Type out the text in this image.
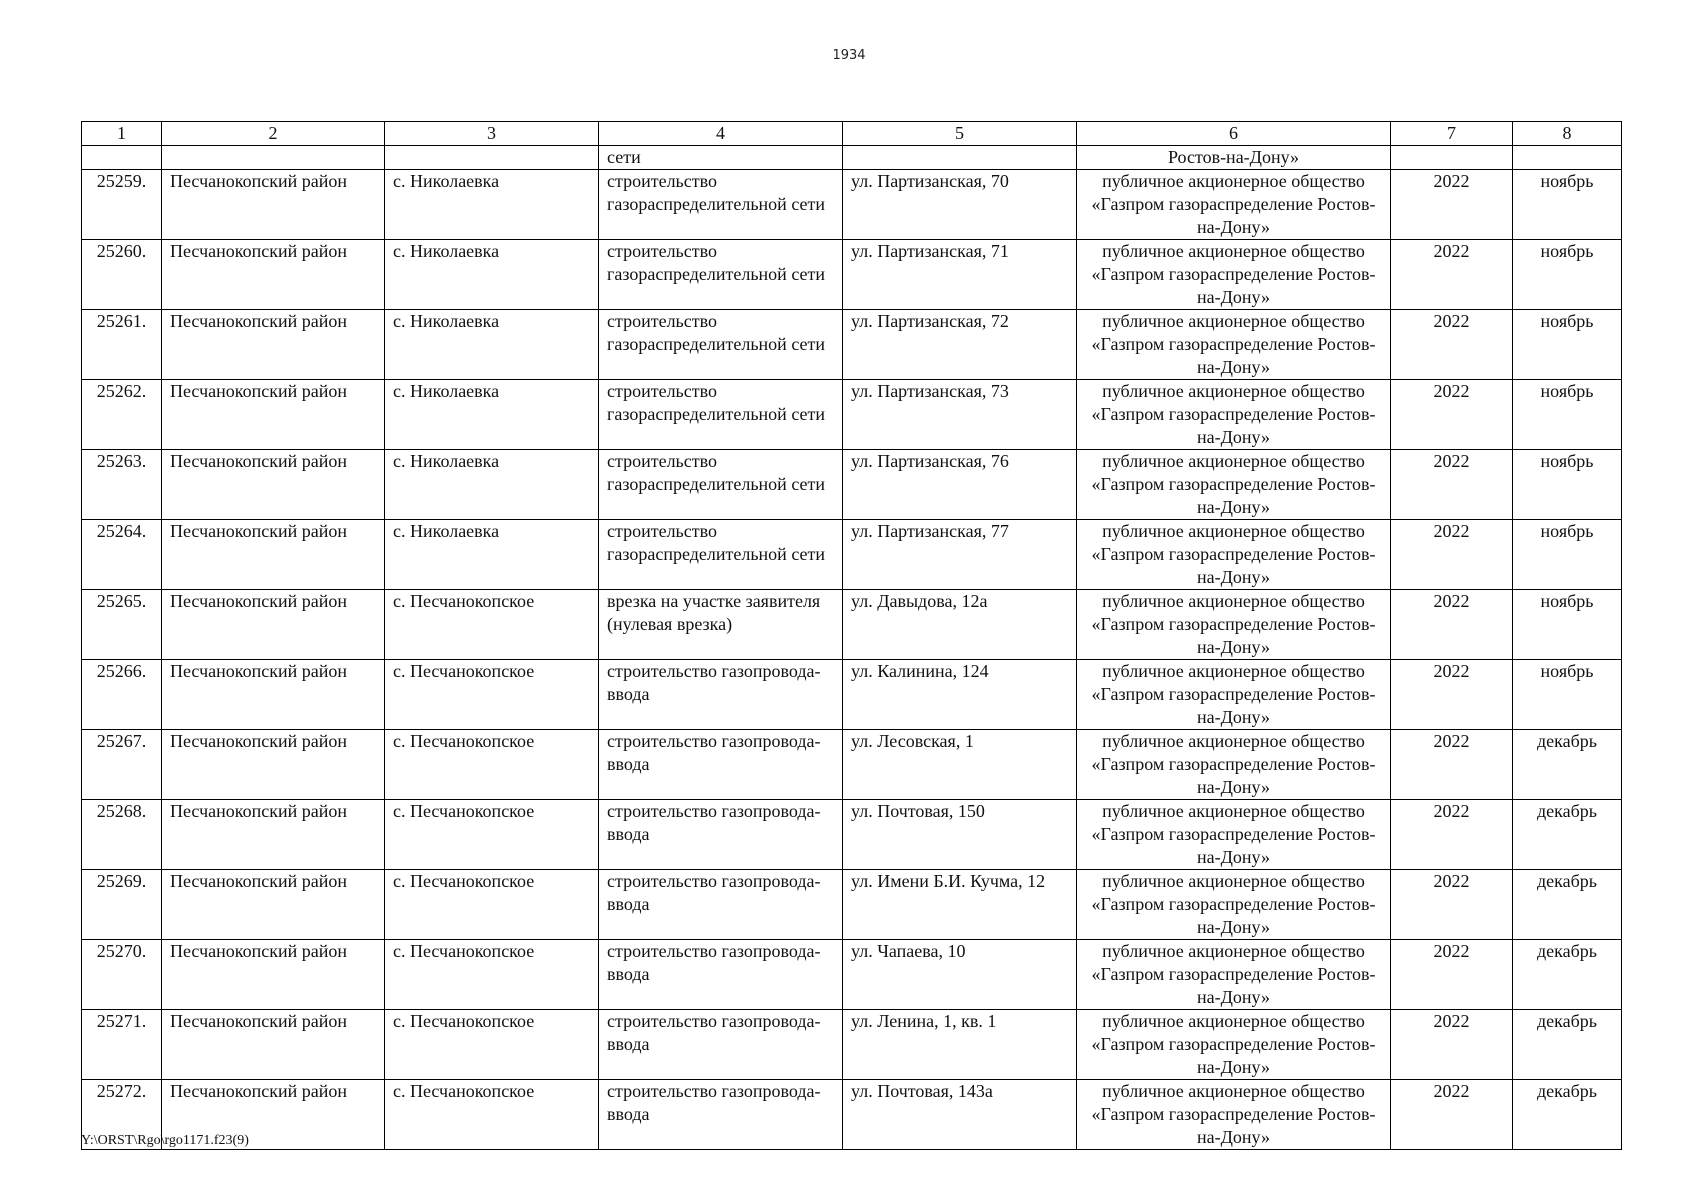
1934
1	2	3	4	5	6	7	8
			сети		Ростов-на-Дону»		
25259.	Песчанокопский район	с. Николаевка	строительство газораспределительной сети	ул. Партизанская, 70	публичное акционерное общество «Газпром газораспределение Ростов-на-Дону»	2022	ноябрь
25260.	Песчанокопский район	с. Николаевка	строительство газораспределительной сети	ул. Партизанская, 71	публичное акционерное общество «Газпром газораспределение Ростов-на-Дону»	2022	ноябрь
25261.	Песчанокопский район	с. Николаевка	строительство газораспределительной сети	ул. Партизанская, 72	публичное акционерное общество «Газпром газораспределение Ростов-на-Дону»	2022	ноябрь
25262.	Песчанокопский район	с. Николаевка	строительство газораспределительной сети	ул. Партизанская, 73	публичное акционерное общество «Газпром газораспределение Ростов-на-Дону»	2022	ноябрь
25263.	Песчанокопский район	с. Николаевка	строительство газораспределительной сети	ул. Партизанская, 76	публичное акционерное общество «Газпром газораспределение Ростов-на-Дону»	2022	ноябрь
25264.	Песчанокопский район	с. Николаевка	строительство газораспределительной сети	ул. Партизанская, 77	публичное акционерное общество «Газпром газораспределение Ростов-на-Дону»	2022	ноябрь
25265.	Песчанокопский район	с. Песчанокопское	врезка на участке заявителя (нулевая врезка)	ул. Давыдова, 12а	публичное акционерное общество «Газпром газораспределение Ростов-на-Дону»	2022	ноябрь
25266.	Песчанокопский район	с. Песчанокопское	строительство газопровода-ввода	ул. Калинина, 124	публичное акционерное общество «Газпром газораспределение Ростов-на-Дону»	2022	ноябрь
25267.	Песчанокопский район	с. Песчанокопское	строительство газопровода-ввода	ул. Лесовская, 1	публичное акционерное общество «Газпром газораспределение Ростов-на-Дону»	2022	декабрь
25268.	Песчанокопский район	с. Песчанокопское	строительство газопровода-ввода	ул. Почтовая, 150	публичное акционерное общество «Газпром газораспределение Ростов-на-Дону»	2022	декабрь
25269.	Песчанокопский район	с. Песчанокопское	строительство газопровода-ввода	ул. Имени Б.И. Кучма, 12	публичное акционерное общество «Газпром газораспределение Ростов-на-Дону»	2022	декабрь
25270.	Песчанокопский район	с. Песчанокопское	строительство газопровода-ввода	ул. Чапаева, 10	публичное акционерное общество «Газпром газораспределение Ростов-на-Дону»	2022	декабрь
25271.	Песчанокопский район	с. Песчанокопское	строительство газопровода-ввода	ул. Ленина, 1, кв. 1	публичное акционерное общество «Газпром газораспределение Ростов-на-Дону»	2022	декабрь
25272.	Песчанокопский район	с. Песчанокопское	строительство газопровода-ввода	ул. Почтовая, 143а	публичное акционерное общество «Газпром газораспределение Ростов-на-Дону»	2022	декабрь
Y:\ORST\Rgo\rgo1171.f23(9)
